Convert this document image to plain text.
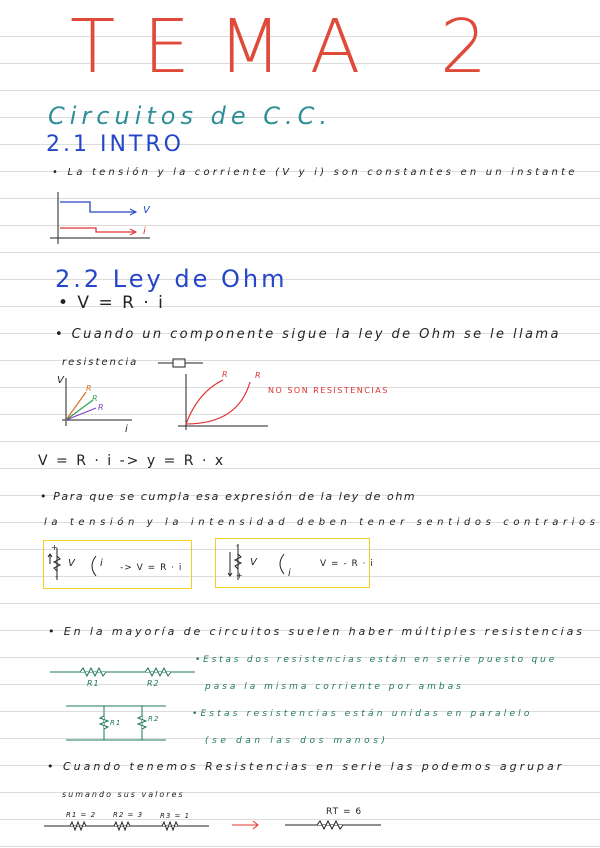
TEMA 2
Circuitos de C.C.
2.1 INTRO
• La tensión y la corriente (V y i) son constantes en un instante
V
i
2.2 Ley de Ohm
• V = R · i
• Cuando un componente sigue la ley de Ohm se le llama
resistencia
V
i
R
R
R
R	R
NO SON RESISTENCIAS
V = R · i -> y = R · x
• Para que se cumpla esa expresión de la ley de ohm
la tensión y la intensidad deben tener sentidos contrarios
+
-
V i -> V = R · i
-
+
V
i
V = - R · i
• En la mayoría de circuitos suelen haber múltiples resistencias
R1	R2
•Estas dos resistencias están en serie puesto que
pasa la misma corriente por ambas
R1	R2	•Estas resistencias están unidas en paralelo
(se dan las dos manos)
• Cuando tenemos Resistencias en serie las podemos agrupar
sumando sus valores
R1 = 2 R2 = 3 R3 = 1	RT = 6
